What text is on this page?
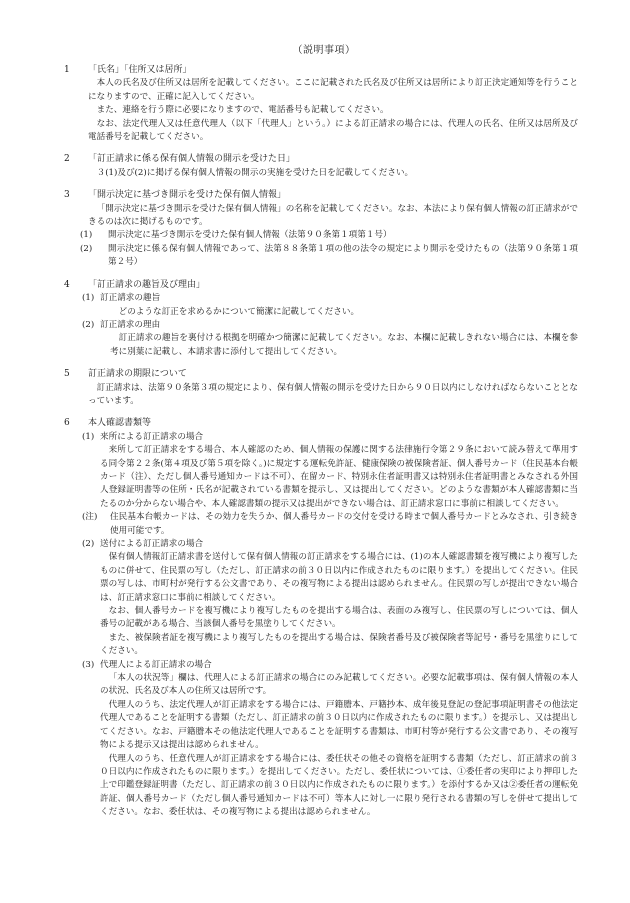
（説明事項）
1 「氏名」「住所又は居所」

本人の氏名及び住所又は居所を記載してください。ここに記載された氏名及び住所又は居所により訂正決定通知等を行うことになりますので、正確に記入してください。

また、連絡を行う際に必要になりますので、電話番号も記載してください。

なお、法定代理人又は任意代理人（以下「代理人」という。）による訂正請求の場合には、代理人の氏名、住所又は居所及び電話番号を記載してください。

2 「訂正請求に係る保有個人情報の開示を受けた日」

３(1)及び(2)に掲げる保有個人情報の開示の実施を受けた日を記載してください。

3 「開示決定に基づき開示を受けた保有個人情報」

「開示決定に基づき開示を受けた保有個人情報」の名称を記載してください。なお、本法により保有個人情報の訂正請求ができるのは次に掲げるものです。

(1) 開示決定に基づき開示を受けた保有個人情報（法第９０条第１項第１号）
(2) 開示決定に係る保有個人情報であって、法第８８条第１項の他の法令の規定により開示を受けたもの（法第９０条第１項第２号）
4 「訂正請求の趣旨及び理由」
(1) 訂正請求の趣旨

どのような訂正を求めるかについて簡潔に記載してください。

(2) 訂正請求の理由

訂正請求の趣旨を裏付ける根拠を明確かつ簡潔に記載してください。なお、本欄に記載しきれない場合には、本欄を参考に別葉に記載し、本請求書に添付して提出してください。

5 訂正請求の期限について

訂正請求は、法第９０条第３項の規定により、保有個人情報の開示を受けた日から９０日以内にしなければならないこととなっています。

6 本人確認書類等
(1) 来所による訂正請求の場合

来所して訂正請求をする場合、本人確認のため、個人情報の保護に関する法律施行令第２９条において読み替えて準用する同令第２２条(第４項及び第５項を除く。)に規定する運転免許証、健康保険の被保険者証、個人番号カード（住民基本台帳カード（注）、ただし個人番号通知カードは不可）、在留カード、特別永住者証明書又は特別永住者証明書とみなされる外国人登録証明書等の住所・氏名が記載されている書類を提示し、又は提出してください。どのような書類が本人確認書類に当たるのか分からない場合や、本人確認書類の提示又は提出ができない場合は、訂正請求窓口に事前に相談してください。

(注) 住民基本台帳カードは、その効力を失うか、個人番号カードの交付を受ける時まで個人番号カードとみなされ、引き続き使用可能です。
(2) 送付による訂正請求の場合

保有個人情報訂正請求書を送付して保有個人情報の訂正請求をする場合には、(1)の本人確認書類を複写機により複写したものに併せて、住民票の写し（ただし、訂正請求の前３０日以内に作成されたものに限ります。）を提出してください。住民票の写しは、市町村が発行する公文書であり、その複写物による提出は認められません。住民票の写しが提出できない場合は、訂正請求窓口に事前に相談してください。

なお、個人番号カードを複写機により複写したものを提出する場合は、表面のみ複写し、住民票の写しについては、個人番号の記載がある場合、当該個人番号を黒塗りしてください。

また、被保険者証を複写機により複写したものを提出する場合は、保険者番号及び被保険者等記号・番号を黒塗りにしてください。

(3) 代理人による訂正請求の場合

「本人の状況等」欄は、代理人による訂正請求の場合にのみ記載してください。必要な記載事項は、保有個人情報の本人の状況、氏名及び本人の住所又は居所です。

代理人のうち、法定代理人が訂正請求をする場合には、戸籍謄本、戸籍抄本、成年後見登記の登記事項証明書その他法定代理人であることを証明する書類（ただし、訂正請求の前３０日以内に作成されたものに限ります。）を提示し、又は提出してください。なお、戸籍謄本その他法定代理人であることを証明する書類は、市町村等が発行する公文書であり、その複写物による提示又は提出は認められません。

代理人のうち、任意代理人が訂正請求をする場合には、委任状その他その資格を証明する書類（ただし、訂正請求の前３０日以内に作成されたものに限ります。）を提出してください。ただし、委任状については、①委任者の実印により押印した上で印鑑登録証明書（ただし、訂正請求の前３０日以内に作成されたものに限ります。）を添付するか又は②委任者の運転免許証、個人番号カード（ただし個人番号通知カードは不可）等本人に対し一に限り発行される書類の写しを併せて提出してください。なお、委任状は、その複写物による提出は認められません。
